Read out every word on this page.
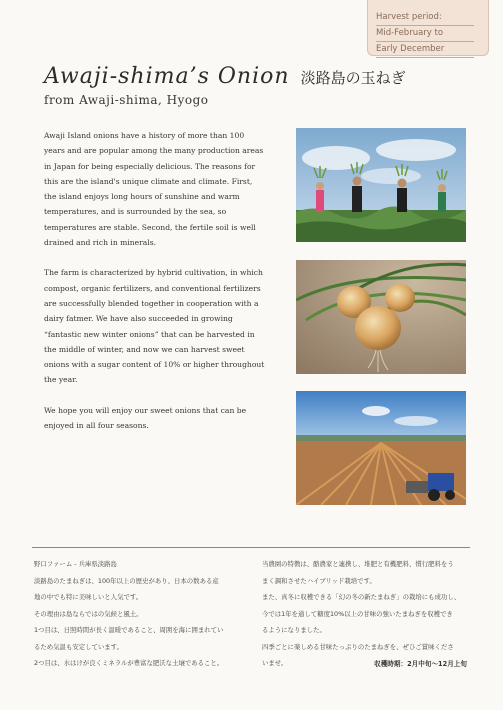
Harvest period:
Mid-February to
Early December
Awaji-shima’s Onion 淡路島の玉ねぎ
from Awaji-shima, Hyogo

Awaji Island onions have a history of more than 100 years and are popular among the many production areas in Japan for being especially delicious. The reasons for this are the island's unique climate and climate. First, the island enjoys long hours of sunshine and warm temperatures, and is surrounded by the sea, so temperatures are stable. Second, the fertile soil is well drained and rich in minerals.

The farm is characterized by hybrid cultivation, in which compost, organic fertilizers, and conventional fertilizers are successfully blended together in cooperation with a dairy fatmer. We have also succeeded in growing “fantastic new winter onions” that can be harvested in the middle of winter, and now we can harvest sweet onions with a sugar content of 10% or higher throughout the year.

We hope you will enjoy our sweet onions that can be enjoyed in all four seasons.

野口ファーム - 兵庫県淡路島
淡路島のたまねぎは、100年以上の歴史があり、日本の数ある産
地の中でも特に美味しいと人気です。
その理由は島ならではの気候と風土。
1つ目は、日照時間が長く温暖であること、周囲を海に囲まれてい
るため気温も安定しています。
2つ目は、水はけが良くミネラルが豊富な肥沃な土壌であること。
当農園の特徴は、酪農家と連携し、堆肥と有機肥料、慣行肥料をう
まく調和させたハイブリッド栽培です。
また、真冬に収穫できる「幻の冬の新たまねぎ」の栽培にも成功し、
今では1年を通して糖度10%以上の甘味の強いたまねぎを収穫でき
るようになりました。
四季ごとに楽しめる甘味たっぷりのたまねぎを、ぜひご賞味くださ
いませ。	収穫時期：2月中旬〜12月上旬
